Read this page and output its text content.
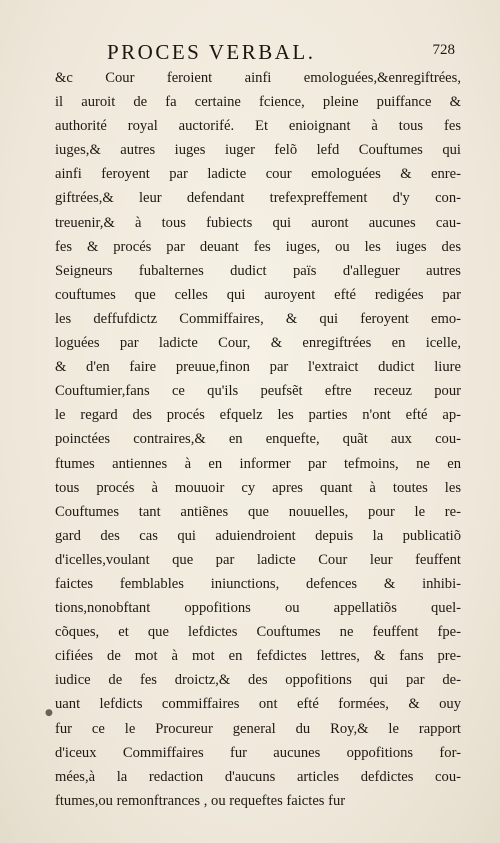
PROCES VERBAL.	728
&c Cour feroient ainfi emologuées,&enregiftrées,
il auroit de fa certaine fcience, pleine puiffance &
authorité royal auctorifé. Et enioignant à tous fes
iuges,& autres iuges iuger felõ lefd Couftumes qui
ainfi feroyent par ladicte cour emologuées & enre-
giftrées,& leur defendant trefexpreffement d'y con-
treuenir,& à tous fubiects qui auront aucunes cau-
fes & procés par deuant fes iuges, ou les iuges des
Seigneurs fubalternes dudict païs d'alleguer autres
couftumes que celles qui auroyent efté redigées par
les deffufdictz Commiffaires, & qui feroyent emo-
loguées par ladicte Cour, & enregiftrées en icelle,
& d'en faire preuue,finon par l'extraict dudict liure
Couftumier,fans ce qu'ils peufsẽt eftre receuz pour
le regard des procés efquelz les parties n'ont efté ap-
poinctées contraires,& en enquefte, quãt aux cou-
ftumes antiennes à en informer par tefmoins, ne en
tous procés à mouuoir cy apres quant à toutes les
Couftumes tant antiẽnes que nouuelles, pour le re-
gard des cas qui aduiendroient depuis la publicatiõ
d'icelles,voulant que par ladicte Cour leur feuffent
faictes femblables iniunctions, defences & inhibi-
tions,nonobftant oppofitions ou appellatiõs quel-
cõques, et que lefdictes Couftumes ne feuffent fpe-
cifiées de mot à mot en fefdictes lettres, & fans pre-
iudice de fes droictz,& des oppofitions qui par de-
uant lefdicts commiffaires ont efté formées, & ouy
fur ce le Procureur general du Roy,& le rapport
d'iceux Commiffaires fur aucunes oppofitions for-
mées,à la redaction d'aucuns articles defdictes cou-
ftumes,ou remonftrances , ou requeftes faictes fur
●
